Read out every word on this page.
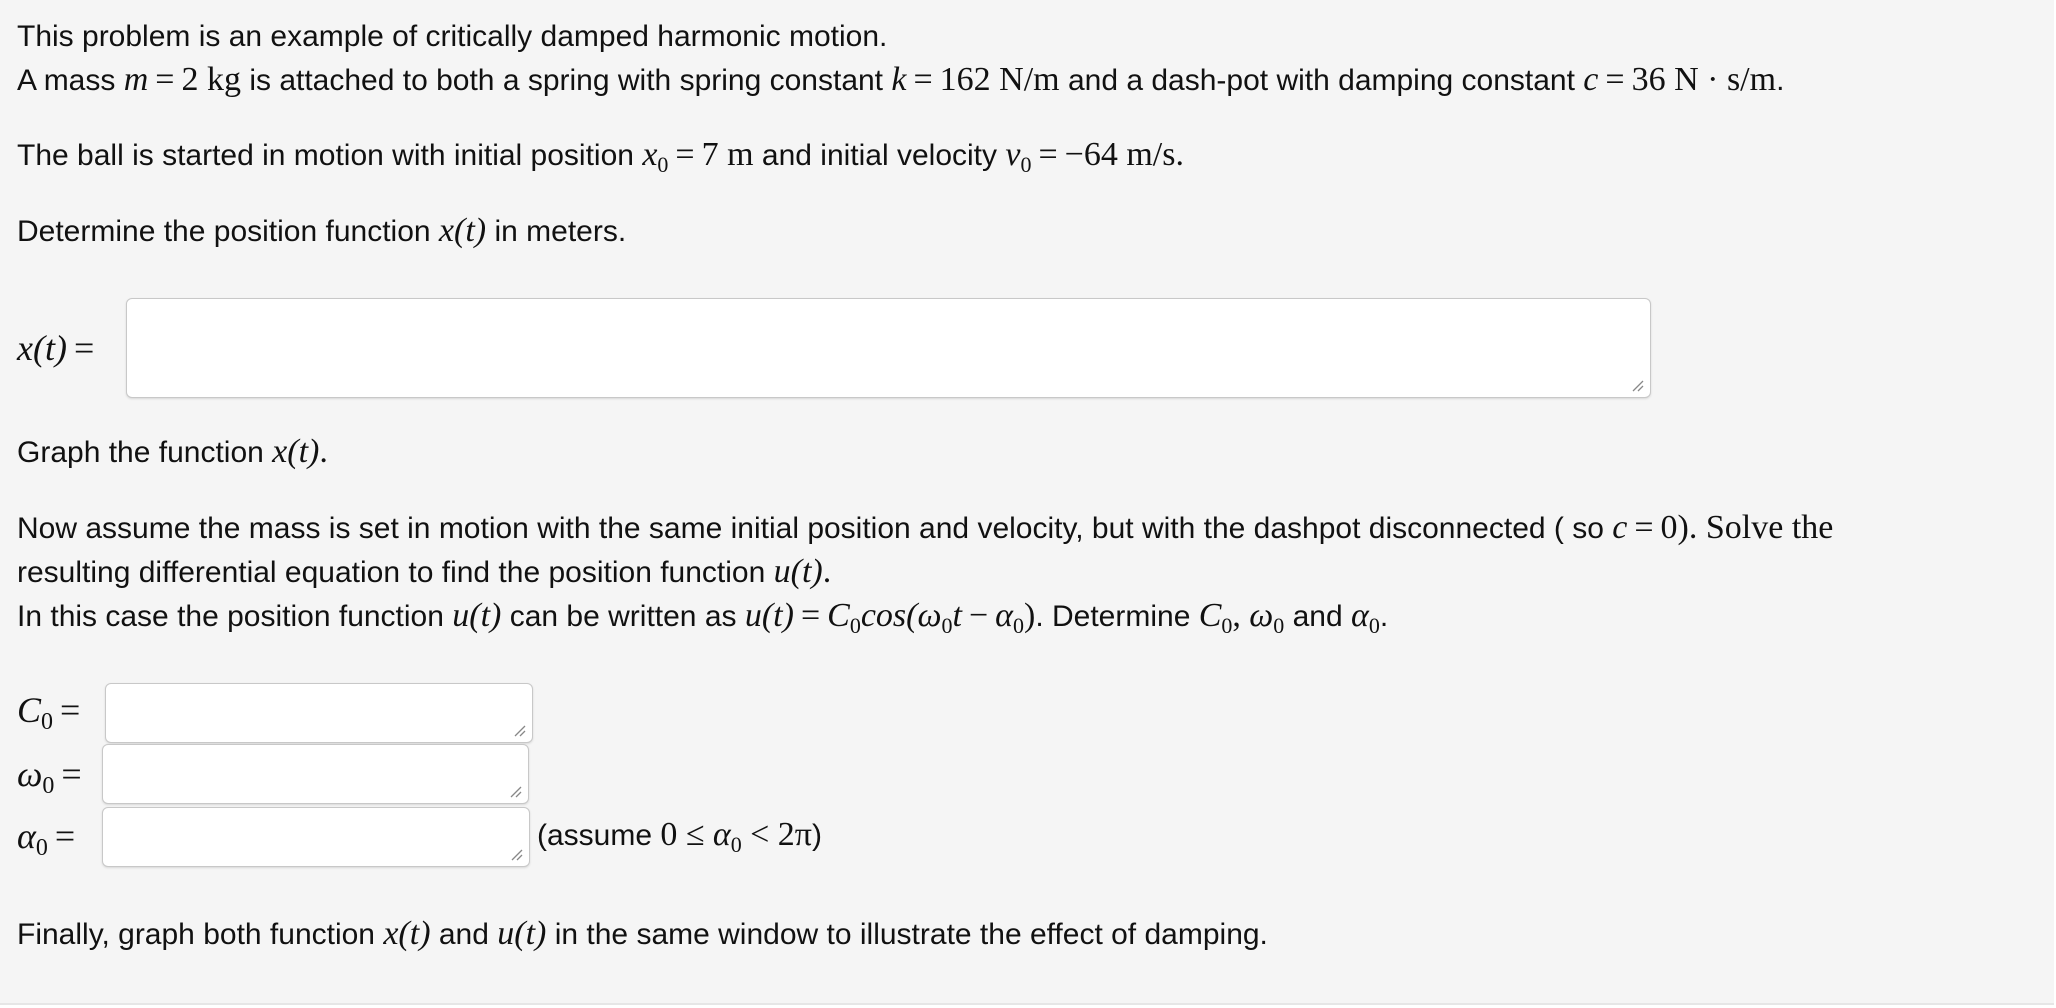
This problem is an example of critically damped harmonic motion.
A mass m = 2 kg is attached to both a spring with spring constant k = 162 N/m and a dash-pot with damping constant c = 36 N · s/m.
The ball is started in motion with initial position $x_0 = 7$ m and initial velocity $v_0 = -64$ m/s.
Determine the position function x(t) in meters.
x(t) =
Graph the function x(t).
Now assume the mass is set in motion with the same initial position and velocity, but with the dashpot disconnected ( so c = 0). Solve the
resulting differential equation to find the position function u(t).
In this case the position function u(t) can be written as $u(t) = C_0\cos(\omega_0t - \alpha_0)$. Determine $C_0$, $\omega_0$ and $\alpha_0$.
$C_0$ =
$\omega_0$ =
$\alpha_0$ =	(assume $0 \le \alpha_0 < 2\pi$)
Finally, graph both function x(t) and u(t) in the same window to illustrate the effect of damping.
